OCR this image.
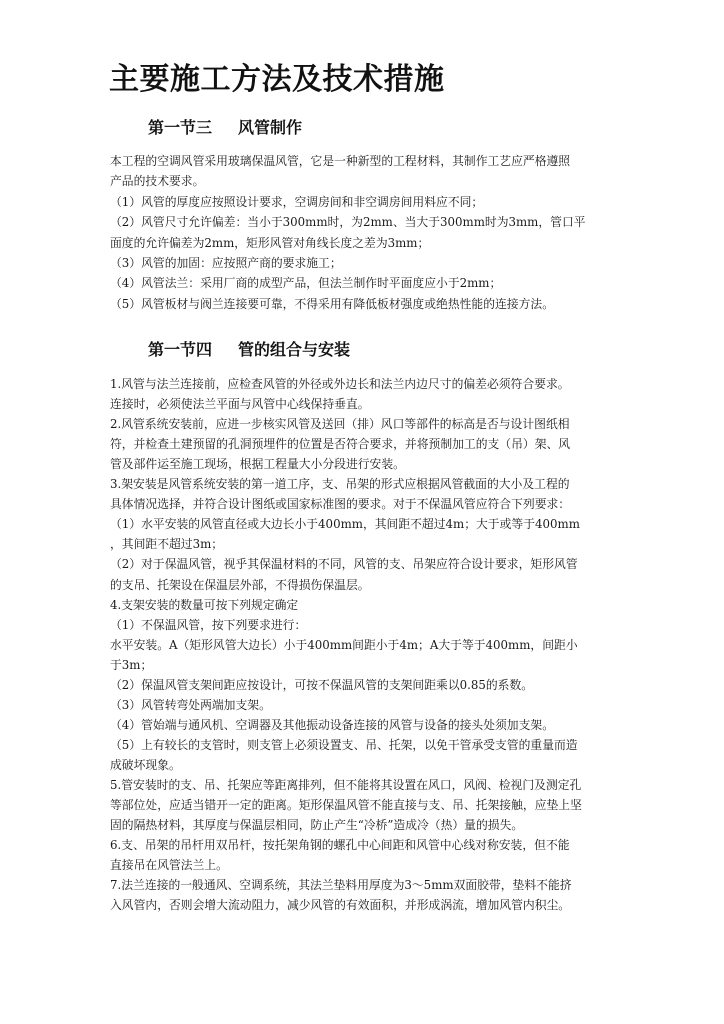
主要施工方法及技术措施
第一节三 风管制作

本工程的空调风管采用玻璃保温风管，它是一种新型的工程材料，其制作工艺应严格遵照

产品的技术要求。

（1）风管的厚度应按照设计要求，空调房间和非空调房间用料应不同；

（2）风管尺寸允许偏差：当小于300mm时，为2mm、当大于300mm时为3mm，管口平

面度的允许偏差为2mm，矩形风管对角线长度之差为3mm；

（3）风管的加固：应按照产商的要求施工；

（4）风管法兰：采用厂商的成型产品，但法兰制作时平面度应小于2mm；

（5）风管板材与阀兰连接要可靠，不得采用有降低板材强度或绝热性能的连接方法。

第一节四 管的组合与安装

1.风管与法兰连接前，应检查风管的外径或外边长和法兰内边尺寸的偏差必须符合要求。

连接时，必须使法兰平面与风管中心线保持垂直。

2.风管系统安装前，应进一步核实风管及送回（排）风口等部件的标高是否与设计图纸相

符，并检查土建预留的孔洞预埋件的位置是否符合要求，并将预制加工的支（吊）架、风

管及部件运至施工现场，根据工程量大小分段进行安装。

3.架安装是风管系统安装的第一道工序，支、吊架的形式应根据风管截面的大小及工程的

具体情况选择，并符合设计图纸或国家标准图的要求。对于不保温风管应符合下列要求：

（1）水平安装的风管直径或大边长小于400mm，其间距不超过4m；大于或等于400mm

，其间距不超过3m；

（2）对于保温风管，视乎其保温材料的不同，风管的支、吊架应符合设计要求，矩形风管

的支吊、托架设在保温层外部，不得损伤保温层。

4.支架安装的数量可按下列规定确定

（1）不保温风管，按下列要求进行：

水平安装。A（矩形风管大边长）小于400mm间距小于4m；A大于等于400mm，间距小

于3m；

（2）保温风管支架间距应按设计，可按不保温风管的支架间距乘以0.85的系数。

（3）风管转弯处两端加支架。

（4）管始端与通风机、空调器及其他振动设备连接的风管与设备的接头处须加支架。

（5）上有较长的支管时，则支管上必须设置支、吊、托架，以免干管承受支管的重量而造

成破坏现象。

5.管安装时的支、吊、托架应等距离排列，但不能将其设置在风口，风阀、检视门及测定孔

等部位处，应适当错开一定的距离。矩形保温风管不能直接与支、吊、托架接触，应垫上坚

固的隔热材料，其厚度与保温层相同，防止产生“冷桥”造成冷（热）量的损失。

6.支、吊架的吊杆用双吊杆，按托架角钢的螺孔中心间距和风管中心线对称安装，但不能

直接吊在风管法兰上。

7.法兰连接的一般通风、空调系统，其法兰垫料用厚度为3～5mm双面胶带，垫料不能挤

入风管内，否则会增大流动阻力，减少风管的有效面积，并形成涡流，增加风管内积尘。
